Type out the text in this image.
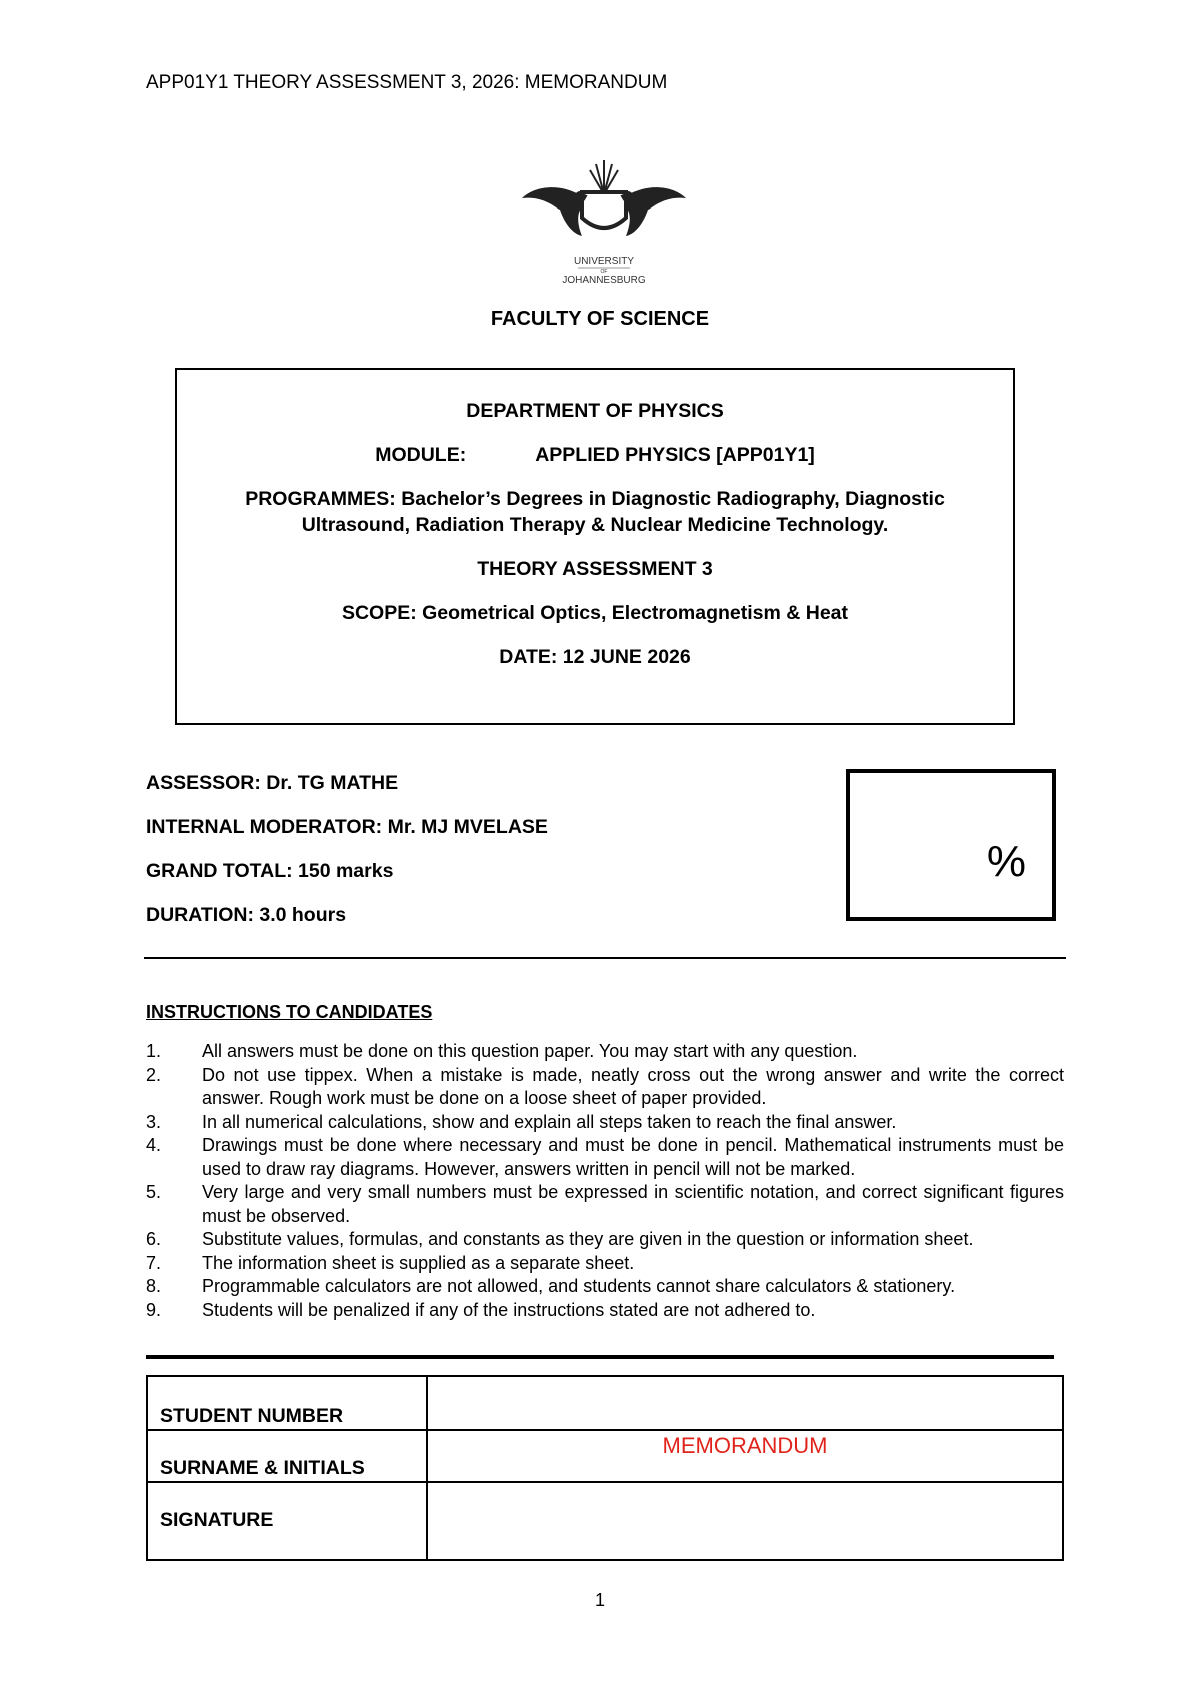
APP01Y1 THEORY ASSESSMENT 3, 2026: MEMORANDUM
UNIVERSITY
OF
JOHANNESBURG
FACULTY OF SCIENCE
DEPARTMENT OF PHYSICS
MODULE:	APPLIED PHYSICS [APP01Y1]
PROGRAMMES: Bachelor’s Degrees in Diagnostic Radiography, Diagnostic
Ultrasound, Radiation Therapy & Nuclear Medicine Technology.
THEORY ASSESSMENT 3
SCOPE: Geometrical Optics, Electromagnetism & Heat
DATE: 12 JUNE 2026
ASSESSOR: Dr. TG MATHE
INTERNAL MODERATOR: Mr. MJ MVELASE
GRAND TOTAL: 150 marks
DURATION: 3.0 hours
%
INSTRUCTIONS TO CANDIDATES
1. All answers must be done on this question paper. You may start with any question.
2. Do not use tippex. When a mistake is made, neatly cross out the wrong answer and write the correct answer. Rough work must be done on a loose sheet of paper provided.
3. In all numerical calculations, show and explain all steps taken to reach the final answer.
4. Drawings must be done where necessary and must be done in pencil. Mathematical instruments must be used to draw ray diagrams. However, answers written in pencil will not be marked.
5. Very large and very small numbers must be expressed in scientific notation, and correct significant figures must be observed.
6. Substitute values, formulas, and constants as they are given in the question or information sheet.
7. The information sheet is supplied as a separate sheet.
8. Programmable calculators are not allowed, and students cannot share calculators & stationery.
9. Students will be penalized if any of the instructions stated are not adhered to.
STUDENT NUMBER
SURNAME & INITIALS
SIGNATURE
MEMORANDUM
1
